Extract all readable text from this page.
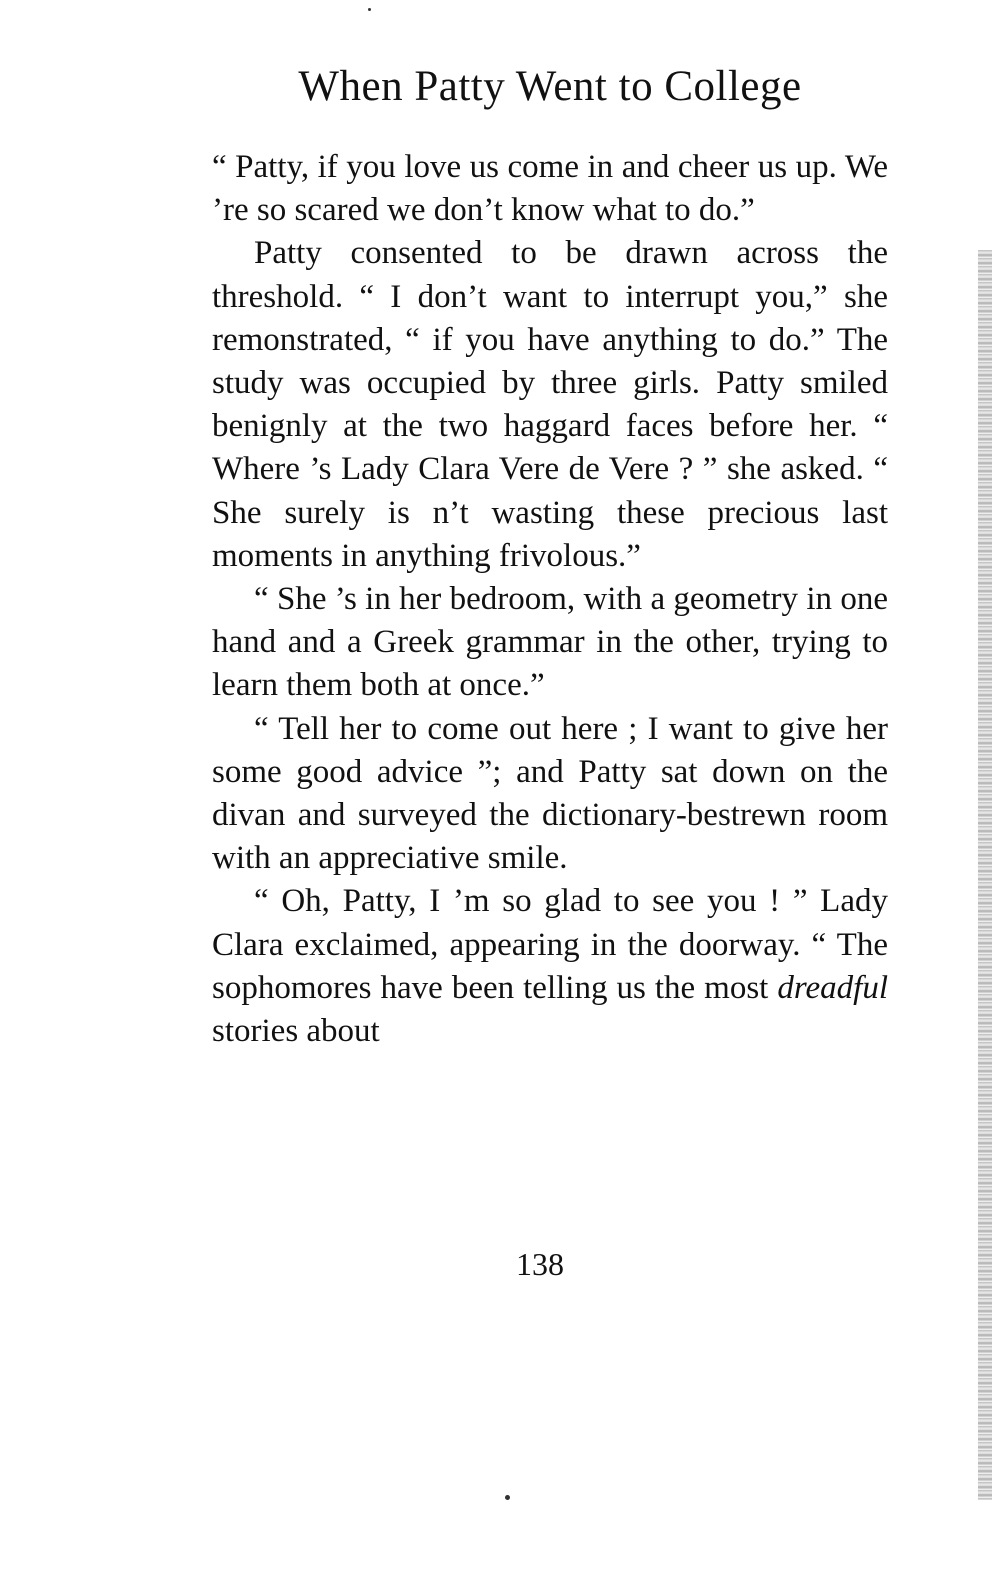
When Patty Went to College

“ Patty, if you love us come in and cheer us up. We ’re so scared we don’t know what to do.”

Patty consented to be drawn across the threshold. “ I don’t want to interrupt you,” she remonstrated, “ if you have anything to do.” The study was occupied by three girls. Patty smiled benignly at the two haggard faces before her. “ Where ’s Lady Clara Vere de Vere ? ” she asked. “ She surely is n’t wasting these precious last moments in anything frivolous.”

“ She ’s in her bedroom, with a geometry in one hand and a Greek grammar in the other, trying to learn them both at once.”

“ Tell her to come out here ; I want to give her some good advice ”; and Patty sat down on the divan and surveyed the dictionary-bestrewn room with an appreciative smile.

“ Oh, Patty, I ’m so glad to see you ! ” Lady Clara exclaimed, appearing in the doorway. “ The sophomores have been telling us the most dreadful stories about

138
